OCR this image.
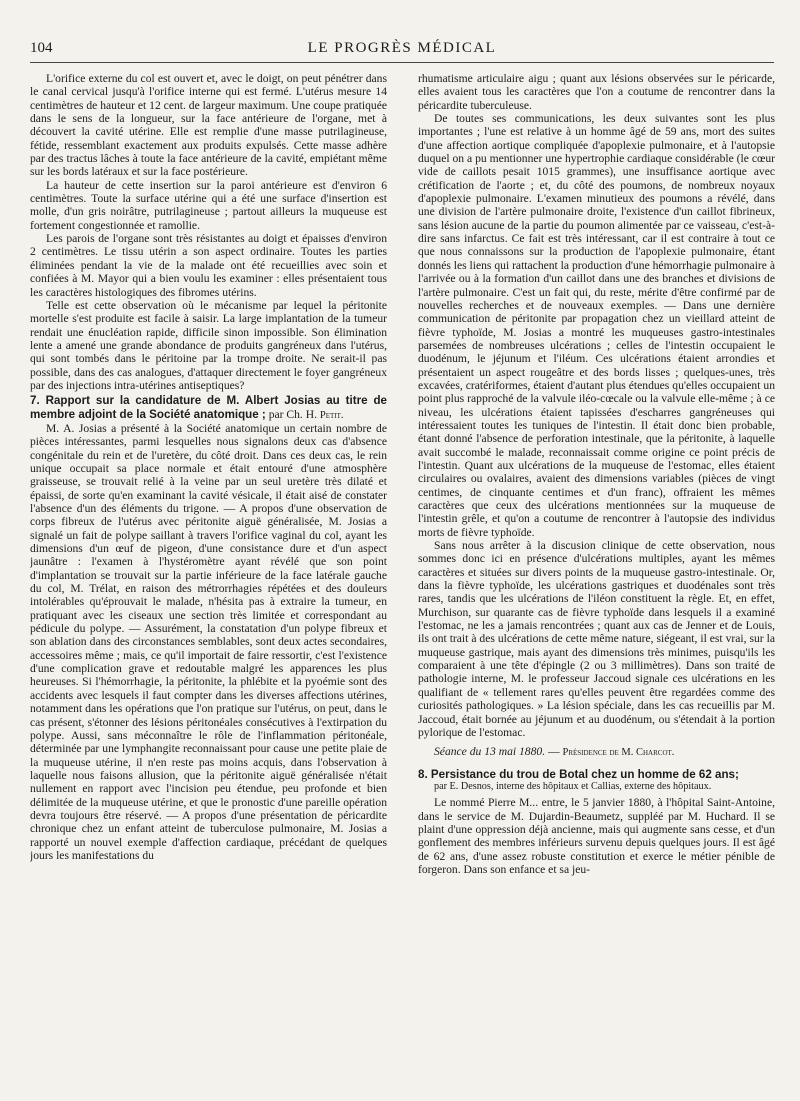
104	LE PROGRÈS MÉDICAL

L'orifice externe du col est ouvert et, avec le doigt, on peut pénétrer dans le canal cervical jusqu'à l'orifice interne qui est fermé. L'utérus mesure 14 centimètres de hauteur et 12 cent. de largeur maximum. Une coupe pratiquée dans le sens de la longueur, sur la face antérieure de l'organe, met à découvert la cavité utérine. Elle est remplie d'une masse putrilagineuse, fétide, ressemblant exactement aux produits expulsés. Cette masse adhère par des tractus lâches à toute la face antérieure de la cavité, empiétant même sur les bords latéraux et sur la face postérieure.

La hauteur de cette insertion sur la paroi antérieure est d'environ 6 centimètres. Toute la surface utérine qui a été une surface d'insertion est molle, d'un gris noirâtre, putrilagineuse ; partout ailleurs la muqueuse est fortement congestionnée et ramollie.

Les parois de l'organe sont très résistantes au doigt et épaisses d'environ 2 centimètres. Le tissu utérin a son aspect ordinaire. Toutes les parties éliminées pendant la vie de la malade ont été recueillies avec soin et confiées à M. Mayor qui a bien voulu les examiner : elles présentaient tous les caractères histologiques des fibromes utérins.

Telle est cette observation où le mécanisme par lequel la péritonite mortelle s'est produite est facile à saisir. La large implantation de la tumeur rendait une énucléation rapide, difficile sinon impossible. Son élimination lente a amené une grande abondance de produits gangréneux dans l'utérus, qui sont tombés dans le péritoine par la trompe droite. Ne serait-il pas possible, dans des cas analogues, d'attaquer directement le foyer gangréneux par des injections intra-utérines antiseptiques?

7. Rapport sur la candidature de M. Albert Josias au titre de membre adjoint de la Société anatomique ; par Ch. H. Petit.

M. A. Josias a présenté à la Société anatomique un certain nombre de pièces intéressantes, parmi lesquelles nous signalons deux cas d'absence congénitale du rein et de l'uretère, du côté droit. Dans ces deux cas, le rein unique occupait sa place normale et était entouré d'une atmosphère graisseuse, se trouvait relié à la veine par un seul uretère très dilaté et épaissi, de sorte qu'en examinant la cavité vésicale, il était aisé de constater l'absence d'un des éléments du trigone. — A propos d'une observation de corps fibreux de l'utérus avec péritonite aiguë généralisée, M. Josias a signalé un fait de polype saillant à travers l'orifice vaginal du col, ayant les dimensions d'un œuf de pigeon, d'une consistance dure et d'un aspect jaunâtre : l'examen à l'hystéromètre ayant révélé que son point d'implantation se trouvait sur la partie inférieure de la face latérale gauche du col, M. Trélat, en raison des métrorrhagies répétées et des douleurs intolérables qu'éprouvait le malade, n'hésita pas à extraire la tumeur, en pratiquant avec les ciseaux une section très limitée et correspondant au pédicule du polype. — Assurément, la constatation d'un polype fibreux et son ablation dans des circonstances semblables, sont deux actes secondaires, accessoires même ; mais, ce qu'il importait de faire ressortir, c'est l'existence d'une complication grave et redoutable malgré les apparences les plus heureuses. Si l'hémorrhagie, la péritonite, la phlébite et la pyoémie sont des accidents avec lesquels il faut compter dans les diverses affections utérines, notamment dans les opérations que l'on pratique sur l'utérus, on peut, dans le cas présent, s'étonner des lésions péritonéales consécutives à l'extirpation du polype. Aussi, sans méconnaître le rôle de l'inflammation péritonéale, déterminée par une lymphangite reconnaissant pour cause une petite plaie de la muqueuse utérine, il n'en reste pas moins acquis, dans l'observation à laquelle nous faisons allusion, que la péritonite aiguë généralisée n'était nullement en rapport avec l'incision peu étendue, peu profonde et bien délimitée de la muqueuse utérine, et que le pronostic d'une pareille opération devra toujours être réservé. — A propos d'une présentation de péricardite chronique chez un enfant atteint de tuberculose pulmonaire, M. Josias a rapporté un nouvel exemple d'affection cardiaque, précédant de quelques jours les manifestations du

rhumatisme articulaire aigu ; quant aux lésions observées sur le péricarde, elles avaient tous les caractères que l'on a coutume de rencontrer dans la péricardite tuberculeuse.

De toutes ses communications, les deux suivantes sont les plus importantes ; l'une est relative à un homme âgé de 59 ans, mort des suites d'une affection aortique compliquée d'apoplexie pulmonaire, et à l'autopsie duquel on a pu mentionner une hypertrophie cardiaque considérable (le cœur vide de caillots pesait 1015 grammes), une insuffisance aortique avec crétification de l'aorte ; et, du côté des poumons, de nombreux noyaux d'apoplexie pulmonaire. L'examen minutieux des poumons a révélé, dans une division de l'artère pulmonaire droite, l'existence d'un caillot fibrineux, sans lésion aucune de la partie du poumon alimentée par ce vaisseau, c'est-à-dire sans infarctus. Ce fait est très intéressant, car il est contraire à tout ce que nous connaissons sur la production de l'apoplexie pulmonaire, étant donnés les liens qui rattachent la production d'une hémorrhagie pulmonaire à l'arrivée ou à la formation d'un caillot dans une des branches et divisions de l'artère pulmonaire. C'est un fait qui, du reste, mérite d'être confirmé par de nouvelles recherches et de nouveaux exemples. — Dans une dernière communication de péritonite par propagation chez un vieillard atteint de fièvre typhoïde, M. Josias a montré les muqueuses gastro-intestinales parsemées de nombreuses ulcérations ; celles de l'intestin occupaient le duodénum, le jéjunum et l'iléum. Ces ulcérations étaient arrondies et présentaient un aspect rougeâtre et des bords lisses ; quelques-unes, très excavées, cratériformes, étaient d'autant plus étendues qu'elles occupaient un point plus rapproché de la valvule iléo-cœcale ou la valvule elle-même ; à ce niveau, les ulcérations étaient tapissées d'escharres gangréneuses qui intéressaient toutes les tuniques de l'intestin. Il était donc bien probable, étant donné l'absence de perforation intestinale, que la péritonite, à laquelle avait succombé le malade, reconnaissait comme origine ce point précis de l'intestin. Quant aux ulcérations de la muqueuse de l'estomac, elles étaient circulaires ou ovalaires, avaient des dimensions variables (pièces de vingt centimes, de cinquante centimes et d'un franc), offraient les mêmes caractères que ceux des ulcérations mentionnées sur la muqueuse de l'intestin grêle, et qu'on a coutume de rencontrer à l'autopsie des individus morts de fièvre typhoïde.

Sans nous arrêter à la discusion clinique de cette observation, nous sommes donc ici en présence d'ulcérations multiples, ayant les mêmes caractères et situées sur divers points de la muqueuse gastro-intestinale. Or, dans la fièvre typhoïde, les ulcérations gastriques et duodénales sont très rares, tandis que les ulcérations de l'iléon constituent la règle. Et, en effet, Murchison, sur quarante cas de fièvre typhoïde dans lesquels il a examiné l'estomac, ne les a jamais rencontrées ; quant aux cas de Jenner et de Louis, ils ont trait à des ulcérations de cette même nature, siégeant, il est vrai, sur la muqueuse gastrique, mais ayant des dimensions très minimes, puisqu'ils les comparaient à une tête d'épingle (2 ou 3 millimètres). Dans son traité de pathologie interne, M. le professeur Jaccoud signale ces ulcérations en les qualifiant de « tellement rares qu'elles peuvent être regardées comme des curiosités pathologiques. » La lésion spéciale, dans les cas recueillis par M. Jaccoud, était bornée au jéjunum et au duodénum, ou s'étendait à la portion pylorique de l'estomac.

Séance du 13 mai 1880. — Présidence de M. Charcot.
8. Persistance du trou de Botal chez un homme de 62 ans;
par E. Desnos, interne des hôpitaux et Callias, externe des hôpitaux.

Le nommé Pierre M... entre, le 5 janvier 1880, à l'hôpital Saint-Antoine, dans le service de M. Dujardin-Beaumetz, suppléé par M. Huchard. Il se plaint d'une oppression déjà ancienne, mais qui augmente sans cesse, et d'un gonflement des membres inférieurs survenu depuis quelques jours. Il est âgé de 62 ans, d'une assez robuste constitution et exerce le métier pénible de forgeron. Dans son enfance et sa jeu-
